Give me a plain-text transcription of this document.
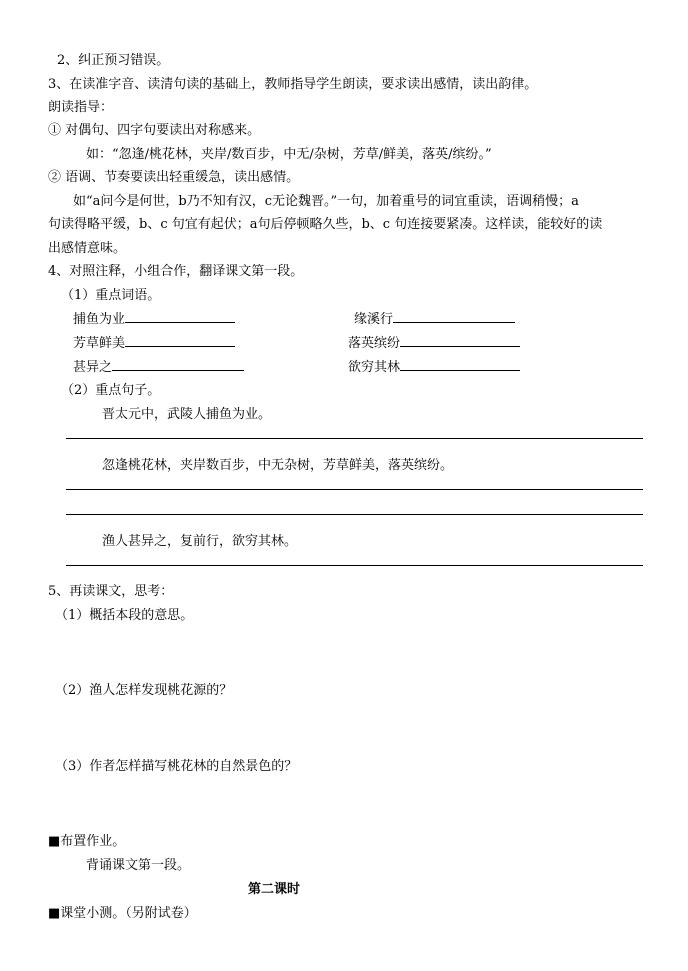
2、纠正预习错误。
3、在读准字音、读清句读的基础上，教师指导学生朗读，要求读出感情，读出韵律。
朗读指导：
① 对偶句、四字句要读出对称感来。
如：“忽逢/桃花林，夹岸/数百步，中无/杂树，芳草/鲜美，落英/缤纷。”
② 语调、节奏要读出轻重缓急，读出感情。
如“a问今是何世，b乃不知有汉，c无论魏晋。”一句，加着重号的词宜重读，语调稍慢；a
句读得略平缓，b、c 句宜有起伏；a句后停顿略久些，b、c 句连接要紧凑。这样读，能较好的读
出感情意味。
4、对照注释，小组合作，翻译课文第一段。
（1）重点词语。
捕鱼为业	缘溪行
芳草鲜美	落英缤纷
甚异之	欲穷其林
（2）重点句子。
晋太元中，武陵人捕鱼为业。
忽逢桃花林，夹岸数百步，中无杂树，芳草鲜美，落英缤纷。
渔人甚异之，复前行，欲穷其林。
5、再读课文，思考：
（1）概括本段的意思。
（2）渔人怎样发现桃花源的？
（3）作者怎样描写桃花林的自然景色的？
■布置作业。
背诵课文第一段。
第二课时
■课堂小测。（另附试卷）
